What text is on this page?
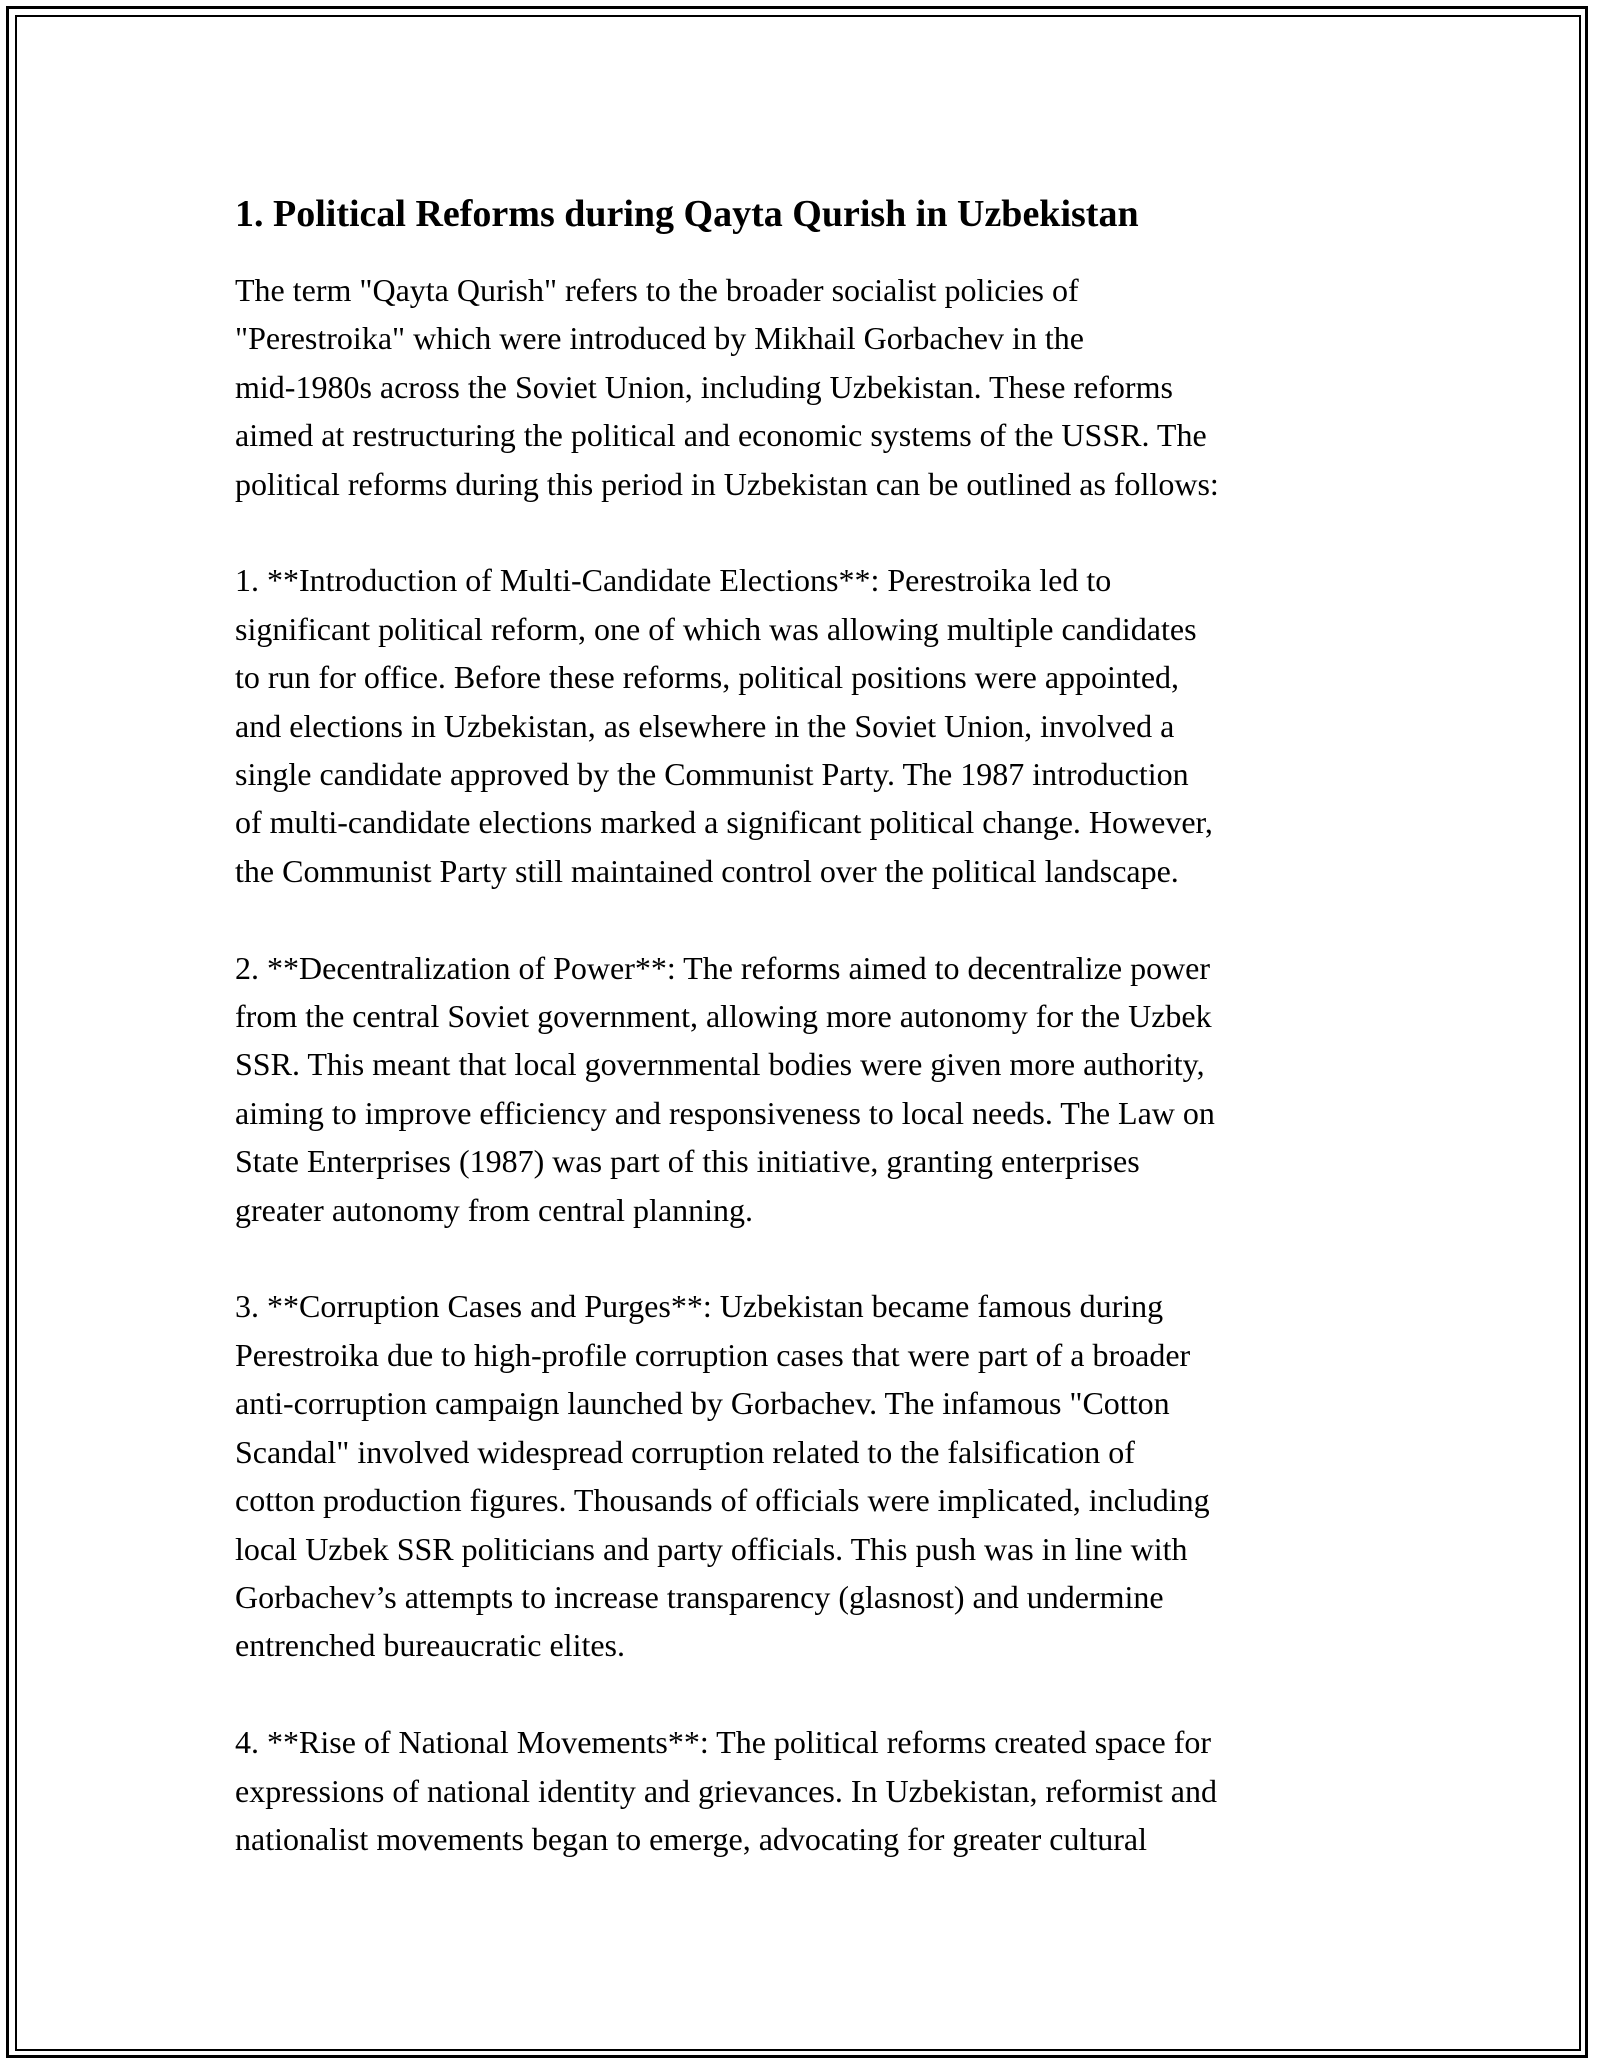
1. Political Reforms during Qayta Qurish in Uzbekistan

The term "Qayta Qurish" refers to the broader socialist policies of
"Perestroika" which were introduced by Mikhail Gorbachev in the
mid-1980s across the Soviet Union, including Uzbekistan. These reforms
aimed at restructuring the political and economic systems of the USSR. The
political reforms during this period in Uzbekistan can be outlined as follows:

1. **Introduction of Multi-Candidate Elections**: Perestroika led to
significant political reform, one of which was allowing multiple candidates
to run for office. Before these reforms, political positions were appointed,
and elections in Uzbekistan, as elsewhere in the Soviet Union, involved a
single candidate approved by the Communist Party. The 1987 introduction
of multi-candidate elections marked a significant political change. However,
the Communist Party still maintained control over the political landscape.

2. **Decentralization of Power**: The reforms aimed to decentralize power
from the central Soviet government, allowing more autonomy for the Uzbek
SSR. This meant that local governmental bodies were given more authority,
aiming to improve efficiency and responsiveness to local needs. The Law on
State Enterprises (1987) was part of this initiative, granting enterprises
greater autonomy from central planning.

3. **Corruption Cases and Purges**: Uzbekistan became famous during
Perestroika due to high-profile corruption cases that were part of a broader
anti-corruption campaign launched by Gorbachev. The infamous "Cotton
Scandal" involved widespread corruption related to the falsification of
cotton production figures. Thousands of officials were implicated, including
local Uzbek SSR politicians and party officials. This push was in line with
Gorbachev’s attempts to increase transparency (glasnost) and undermine
entrenched bureaucratic elites.

4. **Rise of National Movements**: The political reforms created space for
expressions of national identity and grievances. In Uzbekistan, reformist and
nationalist movements began to emerge, advocating for greater cultural
